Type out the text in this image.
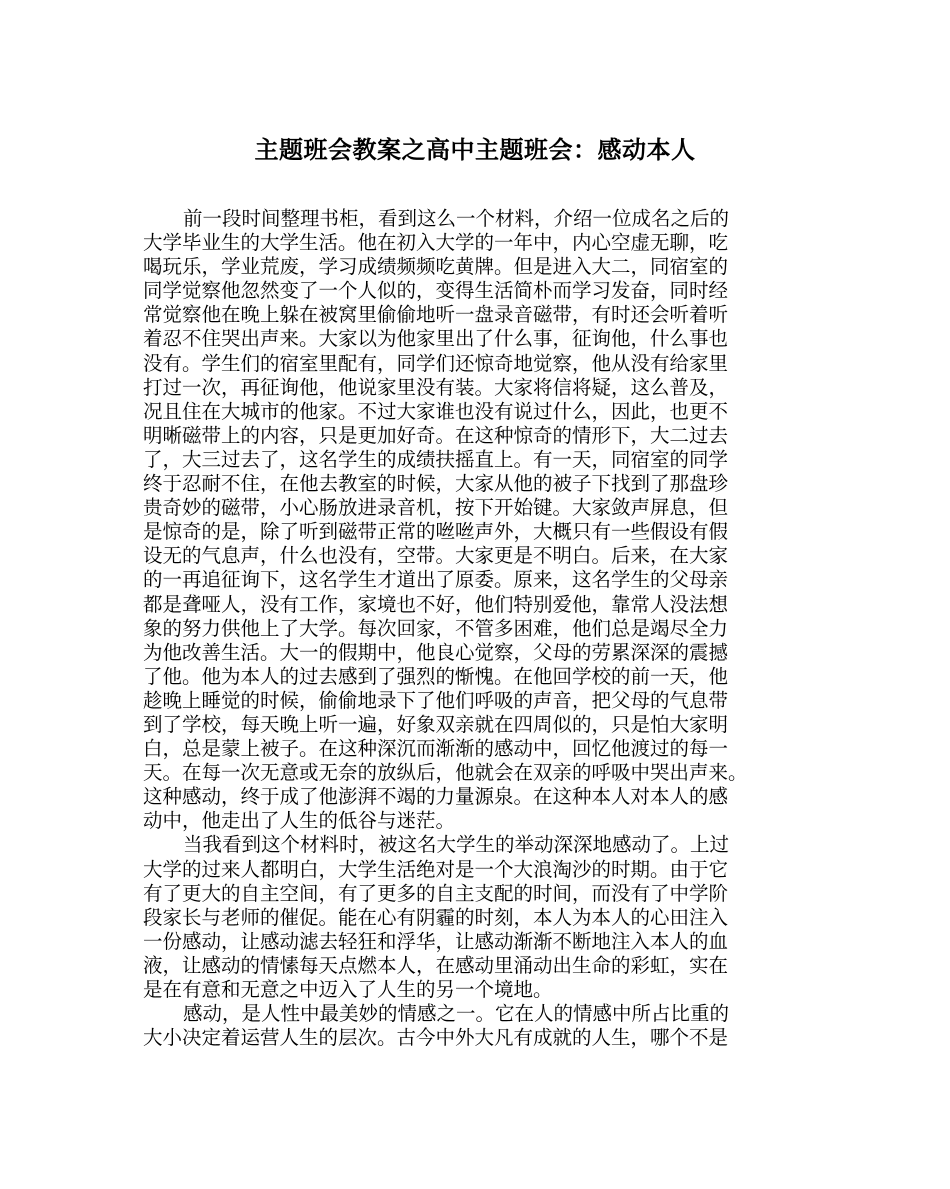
主题班会教案之高中主题班会：感动本人
前一段时间整理书柜，看到这么一个材料，介绍一位成名之后的
大学毕业生的大学生活。他在初入大学的一年中，内心空虚无聊，吃
喝玩乐，学业荒废，学习成绩频频吃黄牌。但是进入大二，同宿室的
同学觉察他忽然变了一个人似的，变得生活简朴而学习发奋，同时经
常觉察他在晚上躲在被窝里偷偷地听一盘录音磁带，有时还会听着听
着忍不住哭出声来。大家以为他家里出了什么事，征询他，什么事也
没有。学生们的宿室里配有，同学们还惊奇地觉察，他从没有给家里
打过一次，再征询他，他说家里没有装。大家将信将疑，这么普及，
况且住在大城市的他家。不过大家谁也没有说过什么，因此，也更不
明晰磁带上的内容，只是更加好奇。在这种惊奇的情形下，大二过去
了，大三过去了，这名学生的成绩扶摇直上。有一天，同宿室的同学
终于忍耐不住，在他去教室的时候，大家从他的被子下找到了那盘珍
贵奇妙的磁带，小心肠放进录音机，按下开始键。大家敛声屏息，但
是惊奇的是，除了听到磁带正常的咝咝声外，大概只有一些假设有假
设无的气息声，什么也没有，空带。大家更是不明白。后来，在大家
的一再追征询下，这名学生才道出了原委。原来，这名学生的父母亲
都是聋哑人，没有工作，家境也不好，他们特别爱他，靠常人没法想
象的努力供他上了大学。每次回家，不管多困难，他们总是竭尽全力
为他改善生活。大一的假期中，他良心觉察，父母的劳累深深的震撼
了他。他为本人的过去感到了强烈的惭愧。在他回学校的前一天，他
趁晚上睡觉的时候，偷偷地录下了他们呼吸的声音，把父母的气息带
到了学校，每天晚上听一遍，好象双亲就在四周似的，只是怕大家明
白，总是蒙上被子。在这种深沉而渐渐的感动中，回忆他渡过的每一
天。在每一次无意或无奈的放纵后，他就会在双亲的呼吸中哭出声来。
这种感动，终于成了他澎湃不竭的力量源泉。在这种本人对本人的感
动中，他走出了人生的低谷与迷茫。
当我看到这个材料时，被这名大学生的举动深深地感动了。上过
大学的过来人都明白，大学生活绝对是一个大浪淘沙的时期。由于它
有了更大的自主空间，有了更多的自主支配的时间，而没有了中学阶
段家长与老师的催促。能在心有阴霾的时刻，本人为本人的心田注入
一份感动，让感动滤去轻狂和浮华，让感动渐渐不断地注入本人的血
液，让感动的情愫每天点燃本人，在感动里涌动出生命的彩虹，实在
是在有意和无意之中迈入了人生的另一个境地。
感动，是人性中最美妙的情感之一。它在人的情感中所占比重的
大小决定着运营人生的层次。古今中外大凡有成就的人生，哪个不是
